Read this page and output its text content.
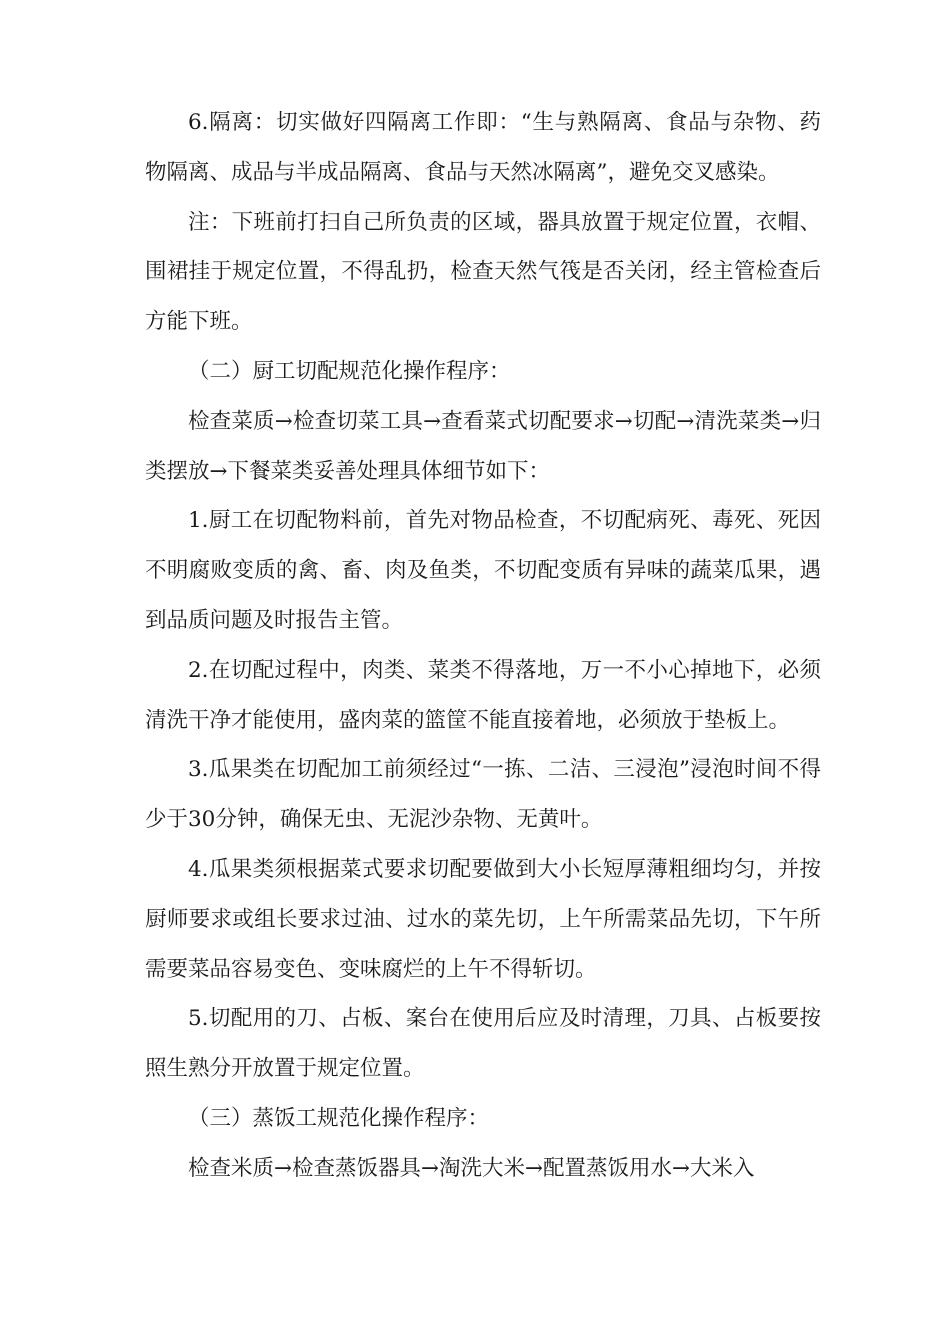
6.隔离：切实做好四隔离工作即：“生与熟隔离、食品与杂物、药物隔离、成品与半成品隔离、食品与天然冰隔离”，避免交叉感染。

注：下班前打扫自己所负责的区域，器具放置于规定位置，衣帽、围裙挂于规定位置，不得乱扔，检查天然气筏是否关闭，经主管检查后方能下班。

（二）厨工切配规范化操作程序：

检查菜质→检查切菜工具→查看菜式切配要求→切配→清洗菜类→归类摆放→下餐菜类妥善处理具体细节如下：

1.厨工在切配物料前，首先对物品检查，不切配病死、毒死、死因不明腐败变质的禽、畜、肉及鱼类，不切配变质有异味的蔬菜瓜果，遇到品质问题及时报告主管。

2.在切配过程中，肉类、菜类不得落地，万一不小心掉地下，必须清洗干净才能使用，盛肉菜的篮筐不能直接着地，必须放于垫板上。

3.瓜果类在切配加工前须经过“一拣、二洁、三浸泡”浸泡时间不得少于30分钟，确保无虫、无泥沙杂物、无黄叶。

4.瓜果类须根据菜式要求切配要做到大小长短厚薄粗细均匀，并按厨师要求或组长要求过油、过水的菜先切，上午所需菜品先切，下午所需要菜品容易变色、变味腐烂的上午不得斩切。

5.切配用的刀、占板、案台在使用后应及时清理，刀具、占板要按照生熟分开放置于规定位置。

（三）蒸饭工规范化操作程序：

检查米质→检查蒸饭器具→淘洗大米→配置蒸饭用水→大米入
